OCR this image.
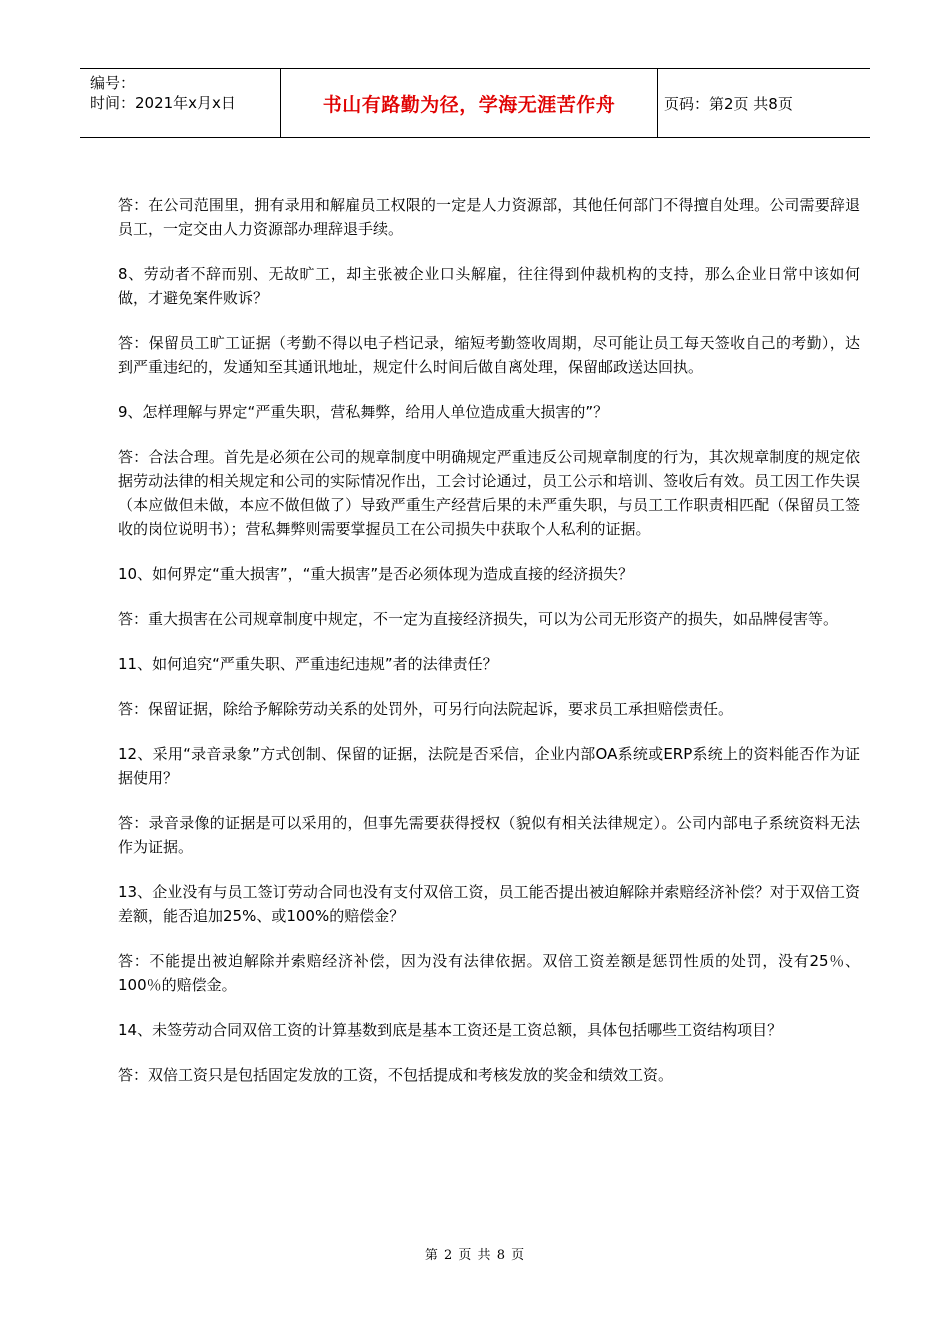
编号：
时间：2021年x月x日	书山有路勤为径，学海无涯苦作舟	页码：第2页 共8页

答：在公司范围里，拥有录用和解雇员工权限的一定是人力资源部，其他任何部门不得擅自处理。公司需要辞退员工，一定交由人力资源部办理辞退手续。

8、劳动者不辞而别、无故旷工，却主张被企业口头解雇，往往得到仲裁机构的支持，那么企业日常中该如何做，才避免案件败诉？

答：保留员工旷工证据（考勤不得以电子档记录，缩短考勤签收周期，尽可能让员工每天签收自己的考勤），达到严重违纪的，发通知至其通讯地址，规定什么时间后做自离处理，保留邮政送达回执。

9、怎样理解与界定“严重失职，营私舞弊，给用人单位造成重大损害的”？

答：合法合理。首先是必须在公司的规章制度中明确规定严重违反公司规章制度的行为，其次规章制度的规定依据劳动法律的相关规定和公司的实际情况作出，工会讨论通过，员工公示和培训、签收后有效。员工因工作失误（本应做但未做，本应不做但做了）导致严重生产经营后果的未严重失职，与员工工作职责相匹配（保留员工签收的岗位说明书）；营私舞弊则需要掌握员工在公司损失中获取个人私利的证据。

10、如何界定“重大损害”，“重大损害”是否必须体现为造成直接的经济损失？

答：重大损害在公司规章制度中规定，不一定为直接经济损失，可以为公司无形资产的损失，如品牌侵害等。

11、如何追究“严重失职、严重违纪违规”者的法律责任？

答：保留证据，除给予解除劳动关系的处罚外，可另行向法院起诉，要求员工承担赔偿责任。

12、采用“录音录象”方式创制、保留的证据，法院是否采信，企业内部OA系统或ERP系统上的资料能否作为证据使用？

答：录音录像的证据是可以采用的，但事先需要获得授权（貌似有相关法律规定）。公司内部电子系统资料无法作为证据。

13、企业没有与员工签订劳动合同也没有支付双倍工资，员工能否提出被迫解除并索赔经济补偿？对于双倍工资差额，能否追加25%、或100%的赔偿金？

答：不能提出被迫解除并索赔经济补偿，因为没有法律依据。双倍工资差额是惩罚性质的处罚，没有25％、100％的赔偿金。

14、未签劳动合同双倍工资的计算基数到底是基本工资还是工资总额，具体包括哪些工资结构项目？

答：双倍工资只是包括固定发放的工资，不包括提成和考核发放的奖金和绩效工资。

第 2 页 共 8 页
